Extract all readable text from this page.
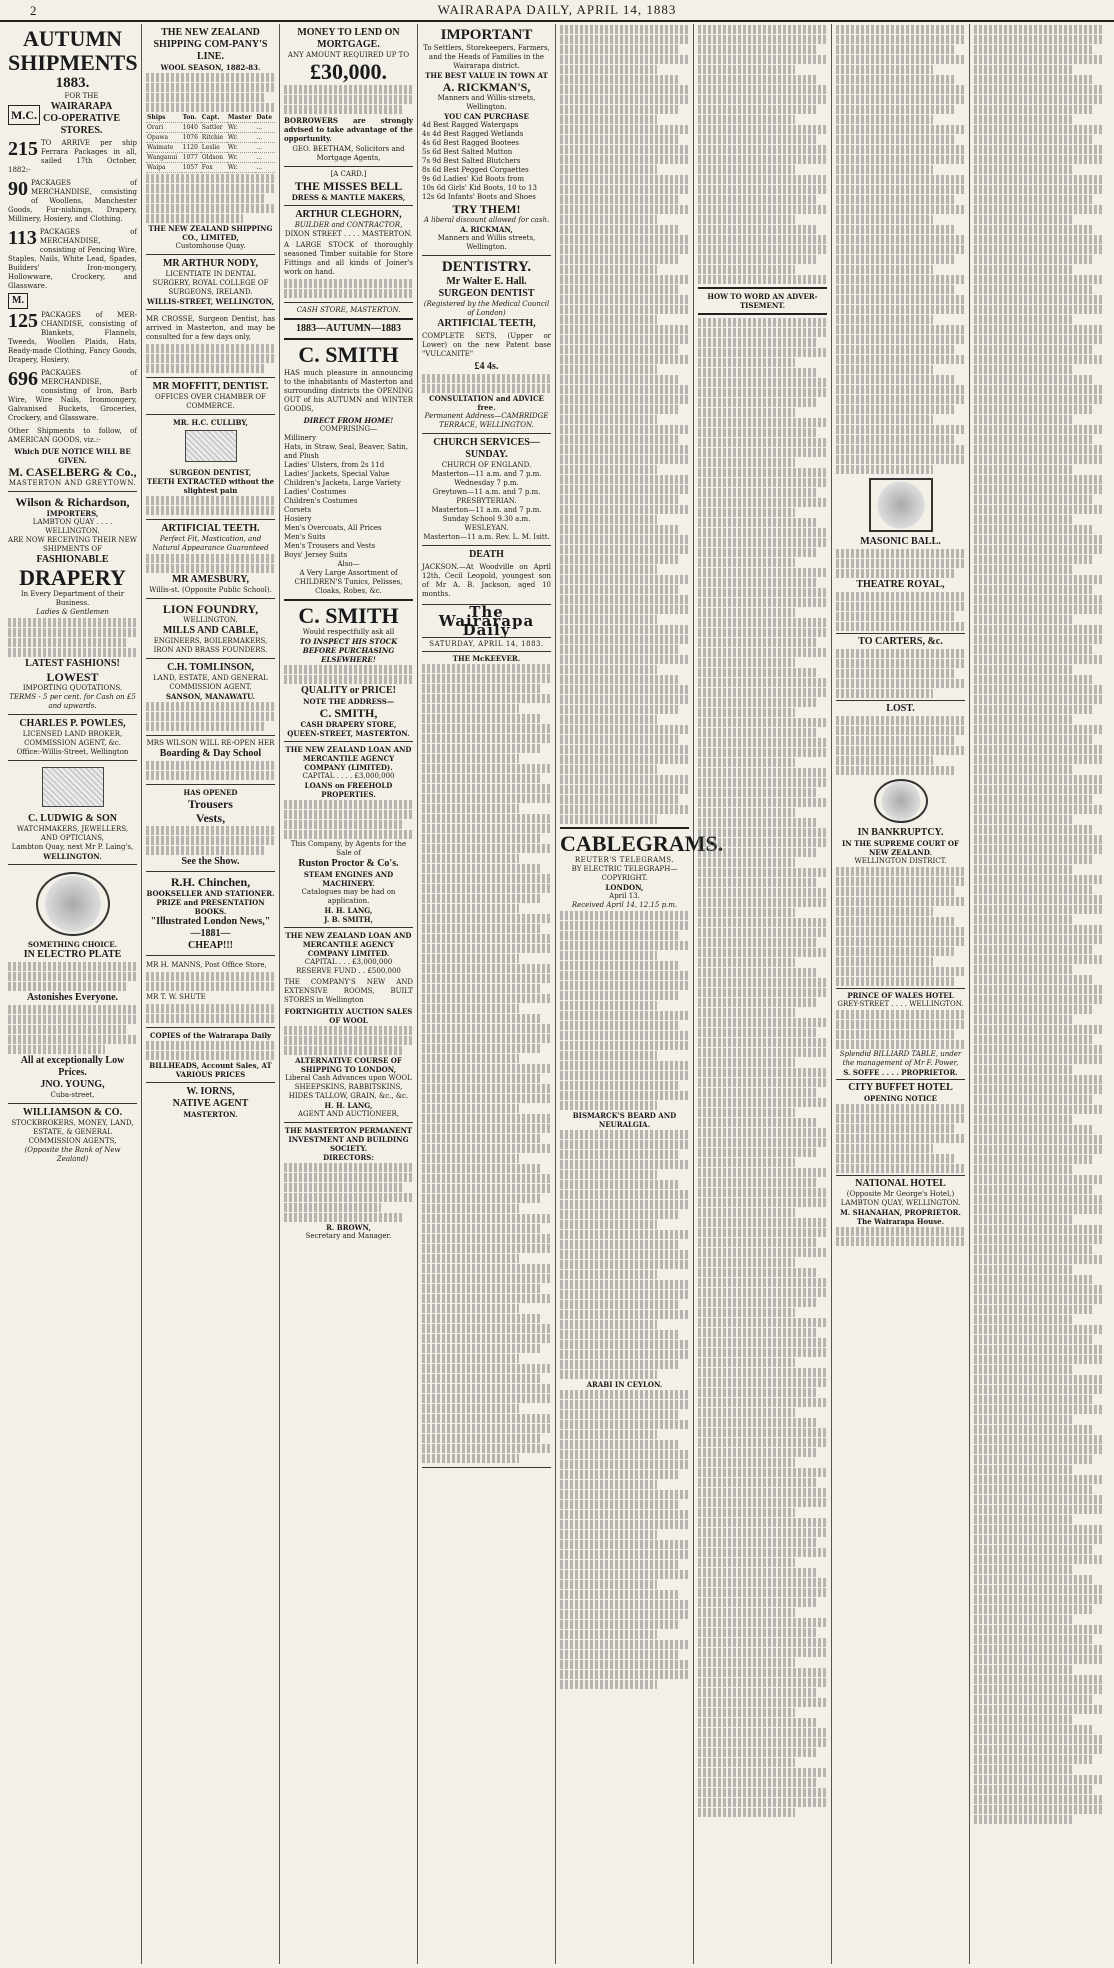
2	WAIRARAPA DAILY, APRIL 14, 1883
AUTUMN SHIPMENTS
1883.
M.C.
FOR THE
WAIRARAPA
CO-OPERATIVE
STORES.
215 TO ARRIVE per ship Ferrara Packages in all, sailed 17th October, 1882:-
90 PACKAGES of MERCHANDISE, consisting of Woollens, Manchester Goods, Fur-nishings, Drapery, Millinery, Hosiery, and Clothing.
113 PACKAGES of MERCHANDISE, consisting of Fencing Wire, Staples, Nails, White Lead, Spades, Builders' Iron-mongery, Hollowware, Crockery, and Glassware.
M.
125 PACKAGES of MER-CHANDISE, consisting of Blankets, Flannels, Tweeds, Woollen Plaids, Hats, Ready-made Clothing, Fancy Goods, Drapery, Hosiery.
696 PACKAGES of MERCHANDISE, consisting of Iron, Barb Wire, Wire Nails, Ironmongery, Galvanised Buckets, Groceries, Crockery, and Glassware.
Other Shipments to follow, of AMERICAN GOODS, viz.:-
Which DUE NOTICE WILL BE GIVEN.
M. CASELBERG & Co.,
MASTERTON AND GREYTOWN.
Wilson & Richardson,
IMPORTERS,
LAMBTON QUAY . . . . WELLINGTON.
ARE NOW RECEIVING THEIR NEW SHIPMENTS OF
FASHIONABLE
DRAPERY
In Every Department of their Business.
Ladies & Gentlemen
LATEST FASHIONS!
LOWEST
IMPORTING QUOTATIONS.
TERMS - 5 per cent. for Cash on £5 and upwards.
CHARLES P. POWLES,
LICENSED LAND BROKER, COMMISSION AGENT, &c.
Office:-Willis-Street, Wellington
C. LUDWIG & SON
WATCHMAKERS, JEWELLERS, AND OPTICIANS,
Lambton Quay, next Mr P. Laing's,
WELLINGTON.
SOMETHING CHOICE.
IN ELECTRO PLATE
Astonishes Everyone.
All at exceptionally Low Prices.
JNO. YOUNG,
Cuba-street,
WILLIAMSON & CO.
STOCKBROKERS, MONEY, LAND, ESTATE, & GENERAL COMMISSION AGENTS,
(Opposite the Bank of New Zealand)
THE NEW ZEALAND SHIPPING COM-PANY'S LINE.
WOOL SEASON, 1882-83.
Ships	Ton.	Capt.	Master	Date
Orari	1040	Sattler	Wr.	...
Opawa	1076	Ritchie	Wr.	...
Waimate	1120	Leslie	Wr.	...
Wanganui	1077	Oldson	Wr.	...
Waipa	1057	Fox	Wr.	...
THE NEW ZEALAND SHIPPING CO., LIMITED,
Customhouse Quay.
MR ARTHUR NODY,
LICENTIATE IN DENTAL SURGERY, ROYAL COLLEGE OF SURGEONS, IRELAND.
WILLIS-STREET, WELLINGTON,
MR CROSSE, Surgeon Dentist, has arrived in Masterton, and may be consulted for a few days only,
MR MOFFITT, DENTIST.
OFFICES OVER CHAMBER OF COMMERCE.
MR. H.C. CULLIBY,
SURGEON DENTIST,
TEETH EXTRACTED without the slightest pain
ARTIFICIAL TEETH.
Perfect Fit, Mastication, and Natural Appearance Guaranteed
MR AMESBURY,
Willis-st. (Opposite Public School).
LION FOUNDRY,
WELLINGTON.
MILLS AND CABLE,
ENGINEERS, BOILERMAKERS, IRON AND BRASS FOUNDERS.
C.H. TOMLINSON,
LAND, ESTATE, AND GENERAL COMMISSION AGENT,
SANSON, MANAWATU.
MRS WILSON WILL RE-OPEN HER
Boarding & Day School
HAS OPENED
Trousers
Vests,
See the Show.
R.H. Chinchen,
BOOKSELLER AND STATIONER.
PRIZE and PRESENTATION BOOKS.
"Illustrated London News,"
—1881—
CHEAP!!!
MR H. MANNS, Post Office Store,
MR T. W. SHUTE
COPIES of the Wairarapa Daily
BILLHEADS, Account Sales, AT VARIOUS PRICES
W. IORNS,
NATIVE AGENT
MASTERTON.
MONEY TO LEND ON MORTGAGE.
ANY AMOUNT REQUIRED UP TO
£30,000.
BORROWERS are strongly advised to take advantage of the opportunity.
GEO. BEETHAM, Solicitors and Mortgage Agents,
[A CARD.]
THE MISSES BELL
DRESS & MANTLE MAKERS,
ARTHUR CLEGHORN,
BUILDER and CONTRACTOR,
DIXON STREET . . . . MASTERTON.
A LARGE STOCK of thoroughly seasoned Timber suitable for Store Fittings and all kinds of Joiner's work on hand.
CASH STORE, MASTERTON.
1883—AUTUMN—1883
C. SMITH
HAS much pleasure in announcing to the inhabitants of Masterton and surrounding districts the OPENING OUT of his AUTUMN and WINTER GOODS,
DIRECT FROM HOME!
COMPRISING—
Millinery
Hats, in Straw, Seal, Beaver, Satin, and Plush
Ladies' Ulsters, from 2s 11d
Ladies' Jackets, Special Value
Children's Jackets, Large Variety
Ladies' Costumes
Children's Costumes
Corsets
Hosiery
Men's Overcoats, All Prices
Men's Suits
Men's Trousers and Vests
Boys' Jersey Suits
Also—
A Very Large Assortment of CHILDREN'S Tunics, Pelisses, Cloaks, Robes, &c.
C. SMITH
Would respectfully ask all
TO INSPECT HIS STOCK BEFORE PURCHASING ELSEWHERE!
QUALITY or PRICE!
NOTE THE ADDRESS—
C. SMITH,
CASH DRAPERY STORE,
QUEEN-STREET, MASTERTON.
THE NEW ZEALAND LOAN AND MERCANTILE AGENCY COMPANY (LIMITED).
CAPITAL . . . . £3,000,000
LOANS on FREEHOLD PROPERTIES.
This Company, by Agents for the Sale of
Ruston Proctor & Co's.
STEAM ENGINES AND MACHINERY.
Catalogues may be had on application.
H. H. LANG,
J. B. SMITH,
THE NEW ZEALAND LOAN AND MERCANTILE AGENCY COMPANY LIMITED.
CAPITAL . . . £3,000,000
RESERVE FUND . . £500,000
THE COMPANY'S NEW AND EXTENSIVE ROOMS, BUILT STORES in Wellington
FORTNIGHTLY AUCTION SALES OF WOOL
ALTERNATIVE COURSE OF SHIPPING TO LONDON,
Liberal Cash Advances upon WOOL SHEEPSKINS, RABBITSKINS, HIDES TALLOW, GRAIN, &c., &c.
H. H. LANG,
AGENT AND AUCTIONEER,
THE MASTERTON PERMANENT INVESTMENT AND BUILDING SOCIETY.
DIRECTORS:
R. BROWN,
Secretary and Manager.
IMPORTANT
To Settlers, Storekeepers, Farmers, and the Heads of Families in the Wairarapa district.
THE BEST VALUE IN TOWN AT
A. RICKMAN'S,
Manners and Willis-streets, Wellington.
YOU CAN PURCHASE
4d Best Ragged Watergaps
4s 4d Best Ragged Wetlands
4s 6d Best Ragged Bootees
5s 6d Best Salted Mutton
7s 9d Best Salted Blutchers
8s 6d Best Pegged Corgaettes
9s 6d Ladies' Kid Boots from
10s 6d Girls' Kid Boots, 10 to 13
12s 6d Infants' Boots and Shoes
TRY THEM!
A liberal discount allowed for cash.
A. RICKMAN,
Manners and Willis streets, Wellington.
DENTISTRY.
Mr Walter E. Hall.
SURGEON DENTIST
(Registered by the Medical Council of London)
ARTIFICIAL TEETH,
COMPLETE SETS, (Upper or Lower) on the new Patent base "VULCANITE"
£4 4s.
CONSULTATION and ADVICE free.
Permanent Address—CAMBRIDGE TERRACE, WELLINGTON.
CHURCH SERVICES—SUNDAY.
CHURCH OF ENGLAND.
Masterton—11 a.m. and 7 p.m.
Wednesday 7 p.m.
Greytown—11 a.m. and 7 p.m.
PRESBYTERIAN.
Masterton—11 a.m. and 7 p.m.
Sunday School 9.30 a.m.
WESLEYAN.
Masterton—11 a.m. Rev. L. M. Isitt.
DEATH
JACKSON.—At Woodville on April 12th, Cecil Leopold, youngest son of Mr A. B. Jackson, aged 10 months.
The Wairarapa Daily
SATURDAY, APRIL 14, 1883.
THE McKEEVER.
CABLEGRAMS.
REUTER'S TELEGRAMS.
BY ELECTRIC TELEGRAPH—COPYRIGHT.
LONDON,
April 13.
Received April 14, 12.15 p.m.
BISMARCK'S BEARD AND NEURALGIA.
ARABI IN CEYLON.
HOW TO WORD AN ADVER-TISEMENT.
MASONIC BALL.
THEATRE ROYAL,
TO CARTERS, &c.
LOST.
IN BANKRUPTCY.
IN THE SUPREME COURT OF NEW ZEALAND.
WELLINGTON DISTRICT.
PRINCE OF WALES HOTEL
GREY-STREET . . . . WELLINGTON.
Splendid BILLIARD TABLE, under the management of Mr F. Power,
S. SOFFE . . . . PROPRIETOR.
CITY BUFFET HOTEL
OPENING NOTICE
NATIONAL HOTEL
(Opposite Mr George's Hotel,) LAMBTON QUAY, WELLINGTON.
M. SHANAHAN, PROPRIETOR.
The Wairarapa House.
